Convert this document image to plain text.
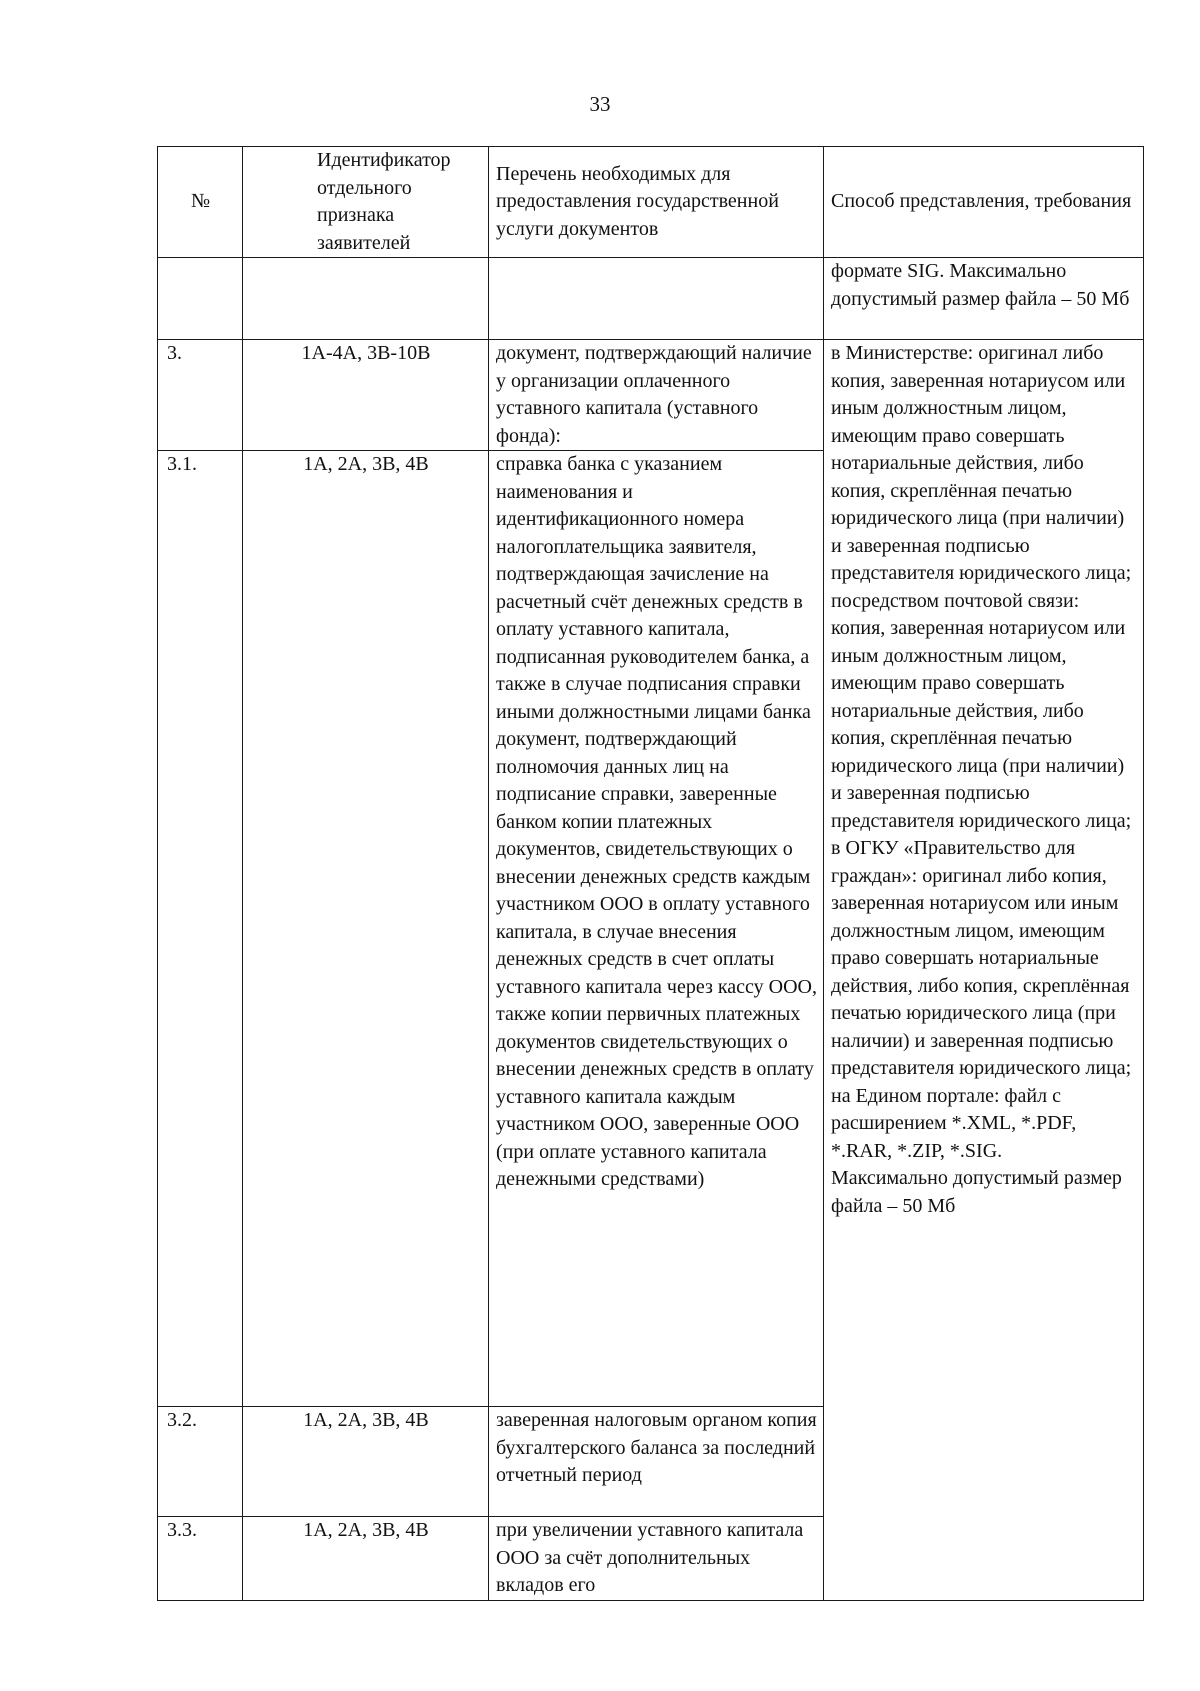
33
№	Идентификатор отдельного признака заявителей	Перечень необходимых для предоставления государственной услуги документов	Способ представления, требования
			формате SIG. Максимально допустимый размер файла – 50 Мб
3.	1А-4А, 3В-10В	документ, подтверждающий наличие у организации оплаченного уставного капитала (уставного фонда):	в Министерстве: оригинал либо копия, заверенная нотариусом или иным должностным лицом, имеющим право совершать нотариальные действия, либо копия, скреплённая печатью юридического лица (при наличии) и заверенная подписью представителя юридического лица;
посредством почтовой связи: копия, заверенная нотариусом или иным должностным лицом, имеющим право совершать нотариальные действия, либо копия, скреплённая печатью юридического лица (при наличии) и заверенная подписью представителя юридического лица;
в ОГКУ «Правительство для граждан»: оригинал либо копия, заверенная нотариусом или иным должностным лицом, имеющим право совершать нотариальные действия, либо копия, скреплённая печатью юридического лица (при наличии) и заверенная подписью представителя юридического лица;
на Едином портале: файл с расширением *.XML, *.PDF, *.RAR, *.ZIP, *.SIG.
Максимально допустимый размер файла – 50 Мб

3.1.	1А, 2А, 3В, 4В	справка банка с указанием наименования и идентификационного номера налогоплательщика заявителя, подтверждающая зачисление на расчетный счёт денежных средств в оплату уставного капитала, подписанная руководителем банка, а также в случае подписания справки иными должностными лицами банка документ, подтверждающий полномочия данных лиц на подписание справки, заверенные банком копии платежных документов, свидетельствующих о внесении денежных средств каждым участником ООО в оплату уставного капитала, в случае внесения денежных средств в счет оплаты уставного капитала через кассу ООО, также копии первичных платежных документов свидетельствующих о внесении денежных средств в оплату уставного капитала каждым участником ООО, заверенные ООО (при оплате уставного капитала денежными средствами)	
3.2.	1А, 2А, 3В, 4В	заверенная налоговым органом копия бухгалтерского баланса за последний отчетный период	
3.3.	1А, 2А, 3В, 4В	при увеличении уставного капитала ООО за счёт дополнительных вкладов его	
